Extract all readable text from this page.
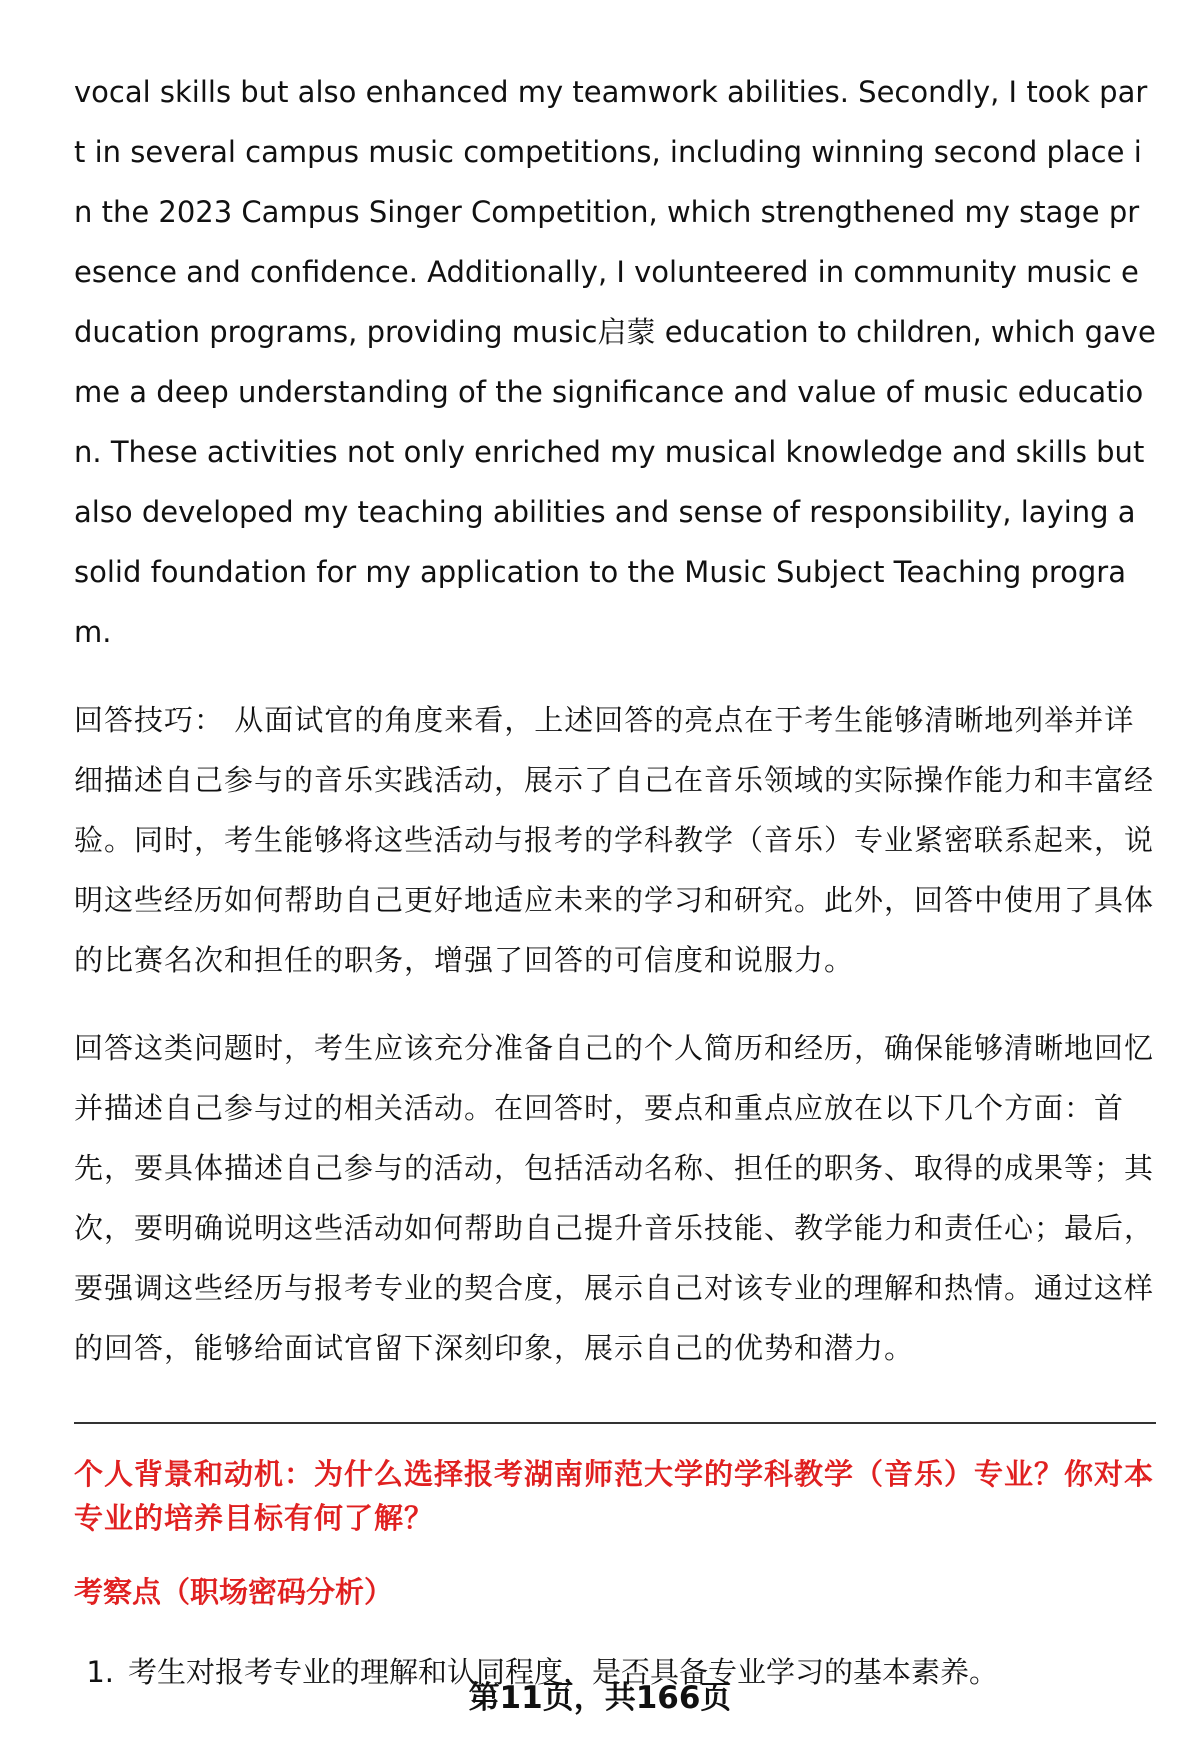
vocal skills but also enhanced my teamwork abilities. Secondly, I took part in several campus music competitions, including winning second place in the 2023 Campus Singer Competition, which strengthened my stage presence and confidence. Additionally, I volunteered in community music education programs, providing music启蒙 education to children, which gave me a deep understanding of the significance and value of music education. These activities not only enriched my musical knowledge and skills but also developed my teaching abilities and sense of responsibility, laying a solid foundation for my application to the Music Subject Teaching program.

回答技巧： 从面试官的角度来看，上述回答的亮点在于考生能够清晰地列举并详细描述自己参与的音乐实践活动，展示了自己在音乐领域的实际操作能力和丰富经验。同时，考生能够将这些活动与报考的学科教学（音乐）专业紧密联系起来，说明这些经历如何帮助自己更好地适应未来的学习和研究。此外，回答中使用了具体的比赛名次和担任的职务，增强了回答的可信度和说服力。

回答这类问题时，考生应该充分准备自己的个人简历和经历，确保能够清晰地回忆并描述自己参与过的相关活动。在回答时，要点和重点应放在以下几个方面：首先，要具体描述自己参与的活动，包括活动名称、担任的职务、取得的成果等；其次，要明确说明这些活动如何帮助自己提升音乐技能、教学能力和责任心；最后，要强调这些经历与报考专业的契合度，展示自己对该专业的理解和热情。通过这样的回答，能够给面试官留下深刻印象，展示自己的优势和潜力。

个人背景和动机：为什么选择报考湖南师范大学的学科教学（音乐）专业？你对本专业的培养目标有何了解？
考察点（职场密码分析）
1. 考生对报考专业的理解和认同程度，是否具备专业学习的基本素养。
第11页，共166页
